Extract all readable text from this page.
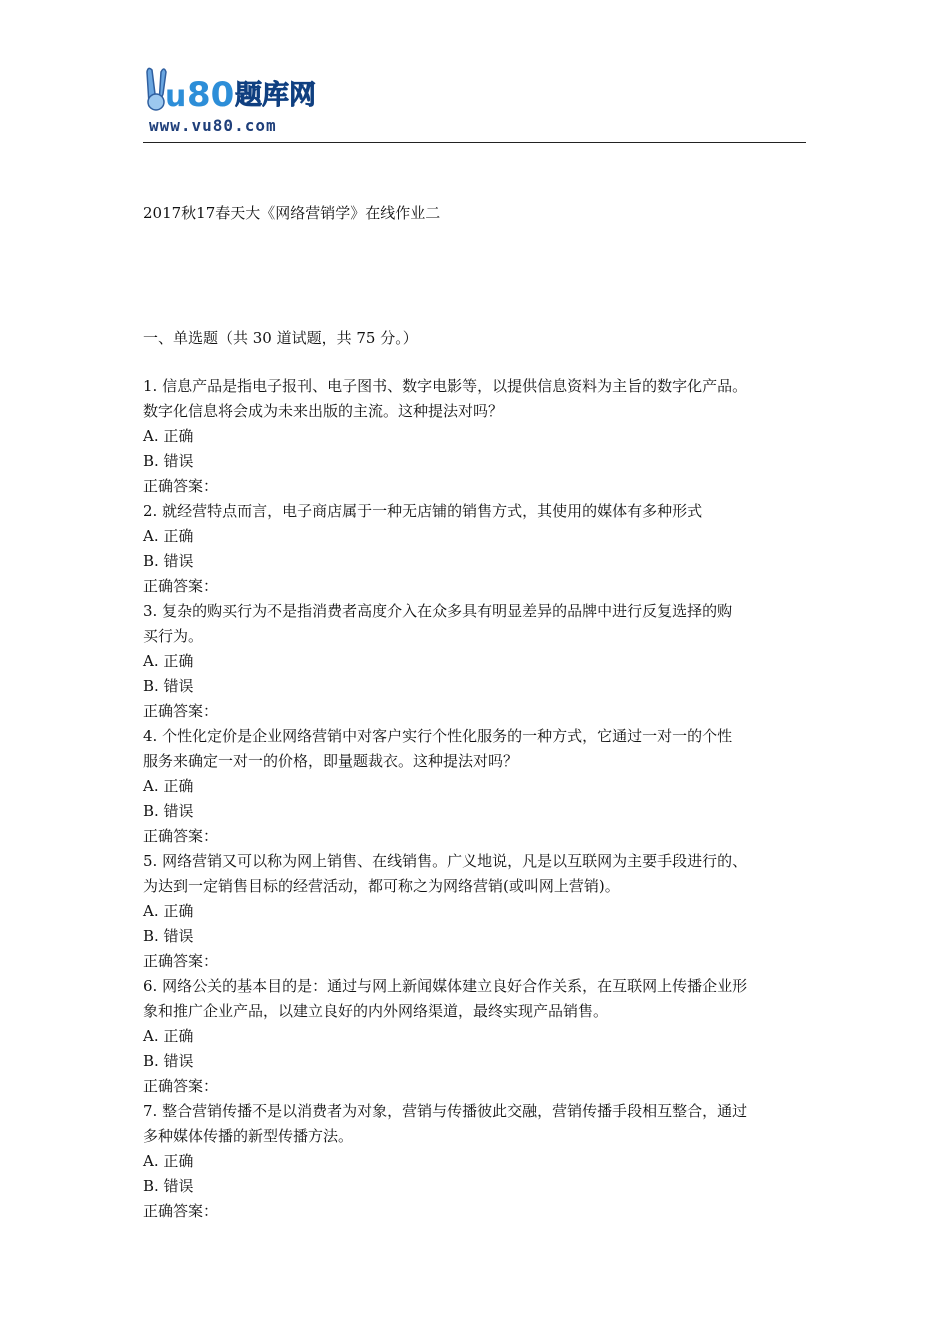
u 80 题库网
www.vu80.com
2017秋17春天大《网络营销学》在线作业二
一、单选题（共 30 道试题，共 75 分。）
1. 信息产品是指电子报刊、电子图书、数字电影等，以提供信息资料为主旨的数字化产品。
数字化信息将会成为未来出版的主流。这种提法对吗？
A. 正确
B. 错误
正确答案：
2. 就经营特点而言，电子商店属于一种无店铺的销售方式，其使用的媒体有多种形式
A. 正确
B. 错误
正确答案：
3. 复杂的购买行为不是指消费者高度介入在众多具有明显差异的品牌中进行反复选择的购
买行为。
A. 正确
B. 错误
正确答案：
4. 个性化定价是企业网络营销中对客户实行个性化服务的一种方式，它通过一对一的个性
服务来确定一对一的价格，即量题裁衣。这种提法对吗？
A. 正确
B. 错误
正确答案：
5. 网络营销又可以称为网上销售、在线销售。广义地说，凡是以互联网为主要手段进行的、
为达到一定销售目标的经营活动，都可称之为网络营销(或叫网上营销)。
A. 正确
B. 错误
正确答案：
6. 网络公关的基本目的是：通过与网上新闻媒体建立良好合作关系，在互联网上传播企业形
象和推广企业产品，以建立良好的内外网络渠道，最终实现产品销售。
A. 正确
B. 错误
正确答案：
7. 整合营销传播不是以消费者为对象，营销与传播彼此交融，营销传播手段相互整合，通过
多种媒体传播的新型传播方法。
A. 正确
B. 错误
正确答案：
